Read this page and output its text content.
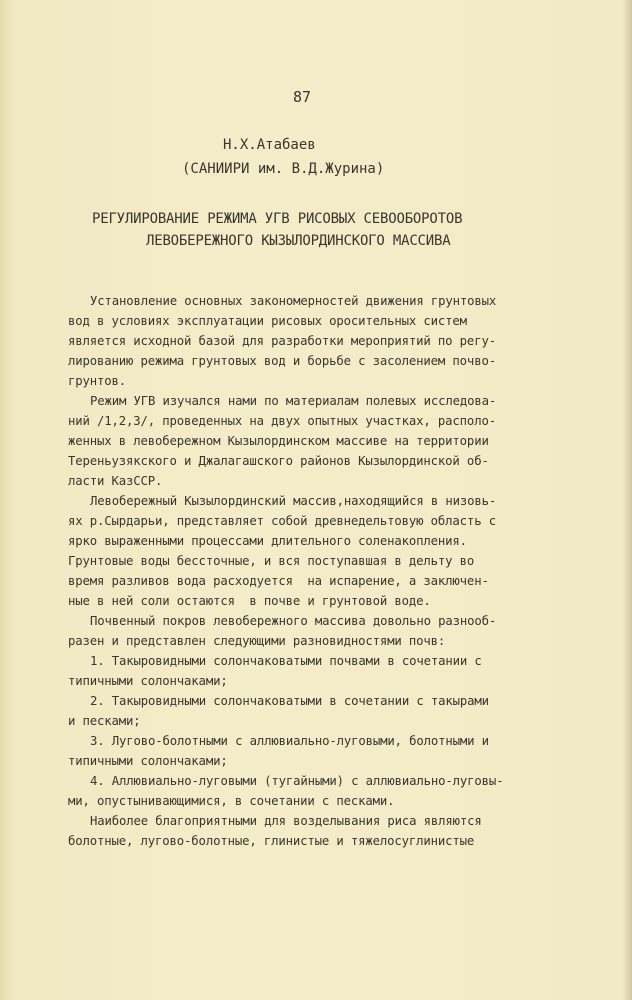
87
Н.Х.Атабаев
(САНИИРИ им. В.Д.Журина)
РЕГУЛИРОВАНИЕ РЕЖИМА УГВ РИСОВЫХ СЕВООБОРОТОВ
ЛЕВОБЕРЕЖНОГО КЫЗЫЛОРДИНСКОГО МАССИВА
Установление основных закономерностей движения грунтовых
вод в условиях эксплуатации рисовых оросительных систем
является исходной базой для разработки мероприятий по регу-
лированию режима грунтовых вод и борьбе с засолением почво-
грунтов.
Режим УГВ изучался нами по материалам полевых исследова-
ний /1,2,3/, проведенных на двух опытных участках, располо-
женных в левобережном Кызылординском массиве на территории
Тереньузякского и Джалагашского районов Кызылординской об-
ласти КазССР.
Левобережный Кызылординский массив,находящийся в низовь-
ях р.Сырдарьи, представляет собой древнедельтовую область с
ярко выраженными процессами длительного соленакопления.
Грунтовые воды бессточные, и вся поступавшая в дельту во
время разливов вода расходуется  на испарение, а заключен-
ные в ней соли остаются  в почве и грунтовой воде.
Почвенный покров левобережного массива довольно разнооб-
разен и представлен следующими разновидностями почв:
1. Такыровидными солончаковатыми почвами в сочетании с
типичными солончаками;
2. Такыровидными солончаковатыми в сочетании с такырами
и песками;
3. Лугово-болотными с аллювиально-луговыми, болотными и
типичными солончаками;
4. Аллювиально-луговыми (тугайными) с аллювиально-луговы-
ми, опустынивающимися, в сочетании с песками.
Наиболее благоприятными для возделывания риса являются
болотные, лугово-болотные, глинистые и тяжелосуглинистые
